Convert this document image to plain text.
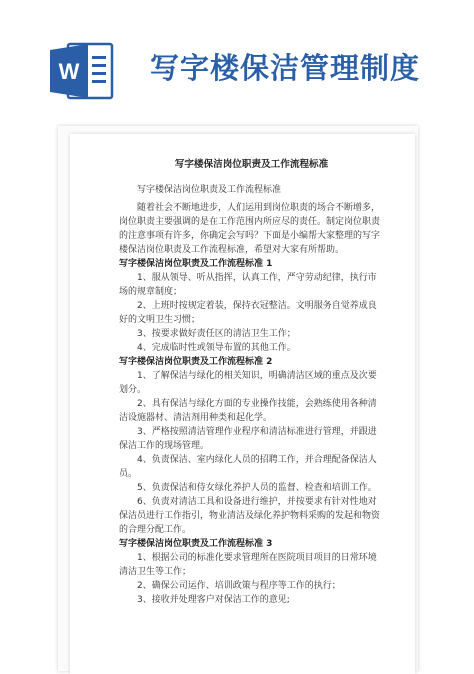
W 写字楼保洁管理制度
写字楼保洁岗位职责及工作流程标准

写字楼保洁岗位职责及工作流程标准

随着社会不断地进步，人们运用到岗位职责的场合不断增多，岗位职责主要强调的是在工作范围内所应尽的责任。制定岗位职责的注意事项有许多，你确定会写吗？下面是小编帮大家整理的写字楼保洁岗位职责及工作流程标准，希望对大家有所帮助。

写字楼保洁岗位职责及工作流程标准 1

1、服从领导、听从指挥，认真工作，严守劳动纪律，执行市场的规章制度；

2、上班时按规定着装，保持衣冠整洁。文明服务自觉养成良好的文明卫生习惯；

3、按要求做好责任区的清洁卫生工作；

4、完成临时性或领导布置的其他工作。

写字楼保洁岗位职责及工作流程标准 2

1、了解保洁与绿化的相关知识，明确清洁区域的重点及次要划分。

2、具有保洁与绿化方面的专业操作技能，会熟练使用各种清洁设施器材、清洁剂用种类和起化学。

3、严格按照清洁管理作业程序和清洁标准进行管理，并跟进保洁工作的现场管理。

4、负责保洁、室内绿化人员的招聘工作，并合理配备保洁人员。

5、负责保洁和侍女绿化养护人员的监督、检查和培训工作。

6、负责对清洁工具和设备进行维护，并按要求有针对性地对保洁员进行工作指引，物业清洁及绿化养护物料采购的发起和物资的合理分配工作。

写字楼保洁岗位职责及工作流程标准 3

1、根据公司的标准化要求管理所在医院项目项目的日常环境清洁卫生等工作；

2、确保公司运作、培训政策与程序等工作的执行；

3、接收并处理客户对保洁工作的意见;
